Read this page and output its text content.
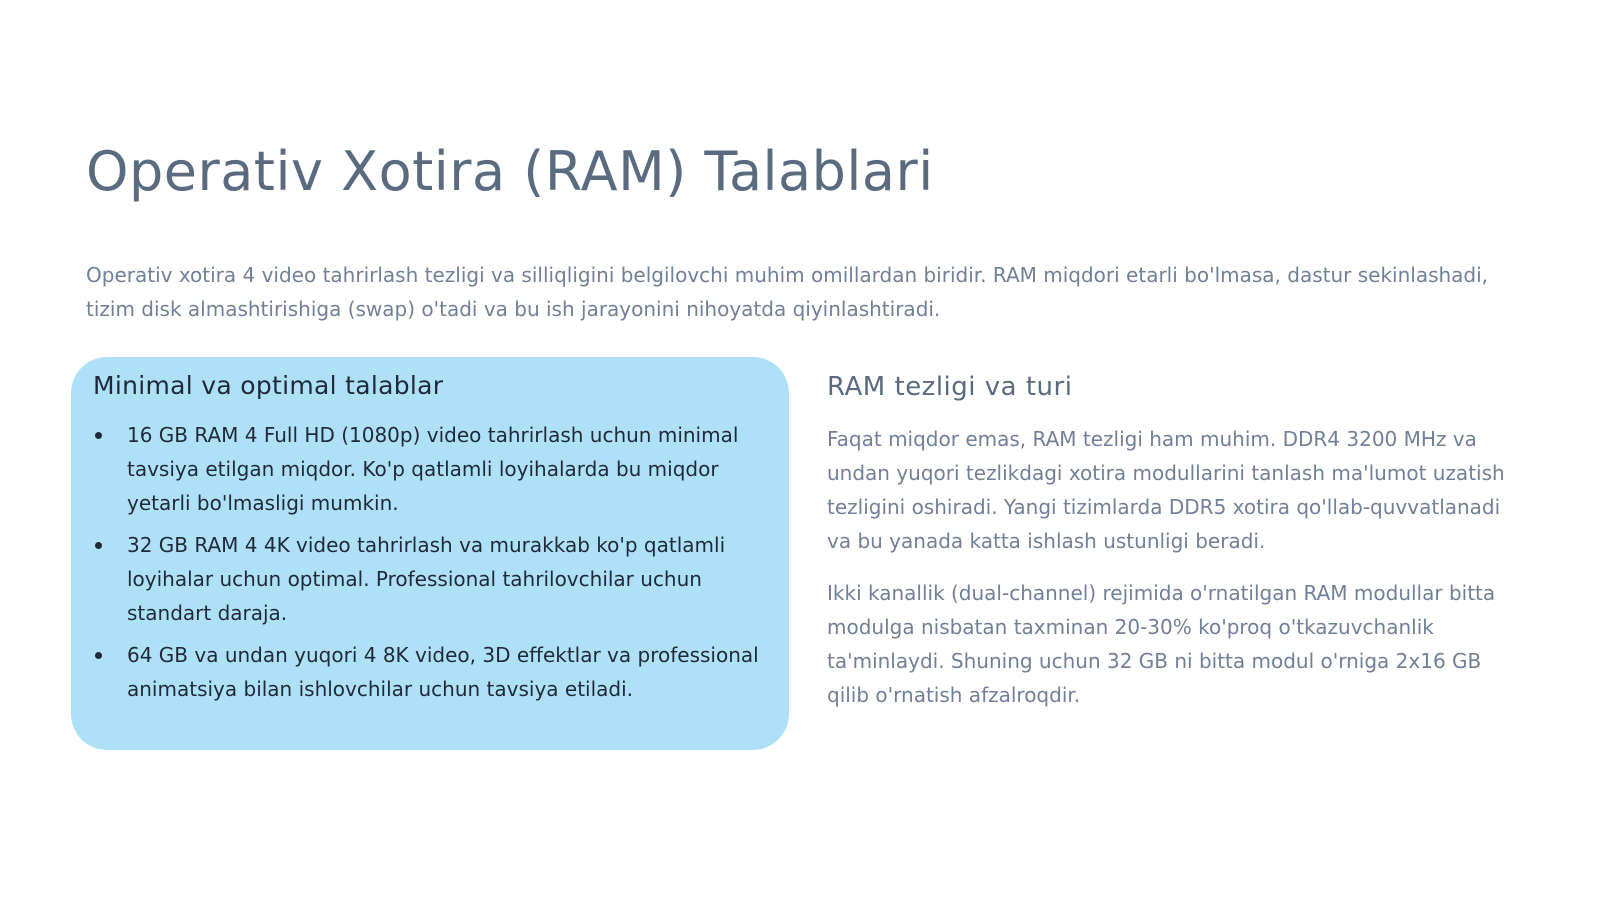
Operativ Xotira (RAM) Talablari

Operativ xotira 4 video tahrirlash tezligi va silliqligini belgilovchi muhim omillardan biridir. RAM miqdori etarli bo'lmasa, dastur sekinlashadi, tizim disk almashtirishiga (swap) o'tadi va bu ish jarayonini nihoyatda qiyinlashtiradi.

Minimal va optimal talablar
16 GB RAM 4 Full HD (1080p) video tahrirlash uchun minimal tavsiya etilgan miqdor. Ko'p qatlamli loyihalarda bu miqdor yetarli bo'lmasligi mumkin.
32 GB RAM 4 4K video tahrirlash va murakkab ko'p qatlamli loyihalar uchun optimal. Professional tahrilovchilar uchun standart daraja.
64 GB va undan yuqori 4 8K video, 3D effektlar va professional animatsiya bilan ishlovchilar uchun tavsiya etiladi.
RAM tezligi va turi

Faqat miqdor emas, RAM tezligi ham muhim. DDR4 3200 MHz va undan yuqori tezlikdagi xotira modullarini tanlash ma'lumot uzatish tezligini oshiradi. Yangi tizimlarda DDR5 xotira qo'llab-quvvatlanadi va bu yanada katta ishlash ustunligi beradi.

Ikki kanallik (dual-channel) rejimida o'rnatilgan RAM modullar bitta modulga nisbatan taxminan 20-30% ko'proq o'tkazuvchanlik ta'minlaydi. Shuning uchun 32 GB ni bitta modul o'rniga 2x16 GB qilib o'rnatish afzalroqdir.
